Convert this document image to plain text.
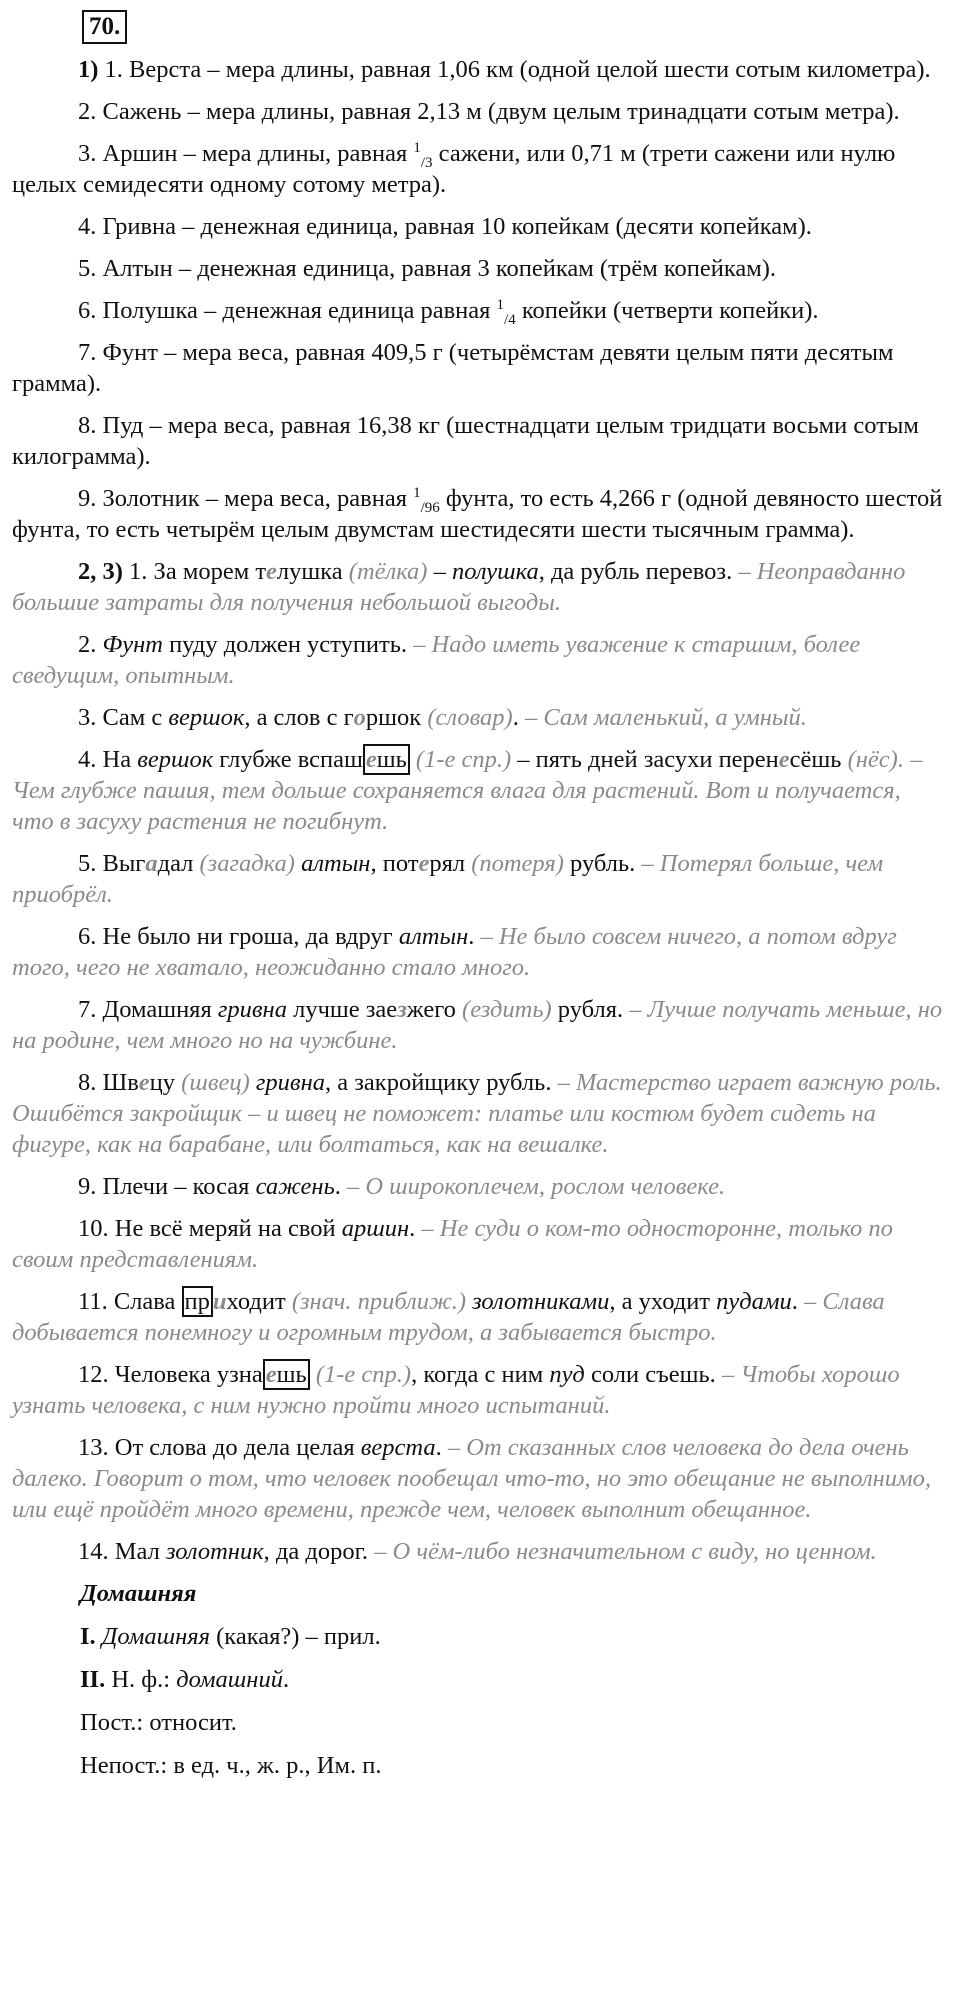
70.

1) 1. Верста – мера длины, равная 1,06 км (одной целой шести сотым километра).

2. Сажень – мера длины, равная 2,13 м (двум целым тринадцати сотым метра).

3. Аршин – мера длины, равная $^1_{/3}$ сажени, или 0,71 м (трети сажени или нулю целых семидесяти одному сотому метра).

4. Гривна – денежная единица, равная 10 копейкам (десяти копейкам).

5. Алтын – денежная единица, равная 3 копейкам (трём копейкам).

6. Полушка – денежная единица равная $^1_{/4}$ копейки (четверти копейки).

7. Фунт – мера веса, равная 409,5 г (четырёмстам девяти целым пяти десятым грамма).

8. Пуд – мера веса, равная 16,38 кг (шестнадцати целым тридцати восьми сотым килограмма).

9. Золотник – мера веса, равная $^1_{/96}$ фунта, то есть 4,266 г (одной девяносто шестой фунта, то есть четырём целым двумстам шестидесяти шести тысячным грамма).

2, 3) 1. За морем телушка (тёлка) – полушка, да рубль перевоз. – Неоправданно большие затраты для получения небольшой выгоды.

2. Фунт пуду должен уступить. – Надо иметь уважение к старшим, более сведущим, опытным.

3. Сам с вершок, а слов с горшок (словар). – Сам маленький, а умный.

4. На вершок глубже вспаш ешь (1-е спр.) – пять дней засухи перенесёшь (нёс). – Чем глубже пашия, тем дольше сохраняется влага для растений. Вот и получается, что в засуху растения не погибнут.

5. Выгадал (загадка) алтын, потерял (потеря) рубль. – Потерял больше, чем приобрёл.

6. Не было ни гроша, да вдруг алтын. – Не было совсем ничего, а потом вдруг того, чего не хватало, неожиданно стало много.

7. Домашняя гривна лучше заезжего (ездить) рубля. – Лучше получать меньше, но на родине, чем много но на чужбине.

8. Швецу (швец) гривна, а закройщику рубль. – Мастерство играет важную роль. Ошибётся закройщик – и швец не поможет: платье или костюм будет сидеть на фигуре, как на барабане, или болтаться, как на вешалке.

9. Плечи – косая сажень. – О широкоплечем, рослом человеке.

10. Не всё меряй на свой аршин. – Не суди о ком-то односторонне, только по своим представлениям.

11. Слава пр иходит (знач. приближ.) золотниками, а уходит пудами. – Слава добывается понемногу и огромным трудом, а забывается быстро.

12. Человека узна ешь (1-е спр.), когда с ним пуд соли съешь. – Чтобы хорошо узнать человека, с ним нужно пройти много испытаний.

13. От слова до дела целая верста. – От сказанных слов человека до дела очень далеко. Говорит о том, что человек пообещал что-то, но это обещание не выполнимо, или ещё пройдёт много времени, прежде чем, человек выполнит обещанное.

14. Мал золотник, да дорог. – О чём-либо незначительном с виду, но ценном.

Домашняя
I. Домашняя (какая?) – прил.
II. Н. ф.: домашний.
Пост.: относит.
Непост.: в ед. ч., ж. р., Им. п.
